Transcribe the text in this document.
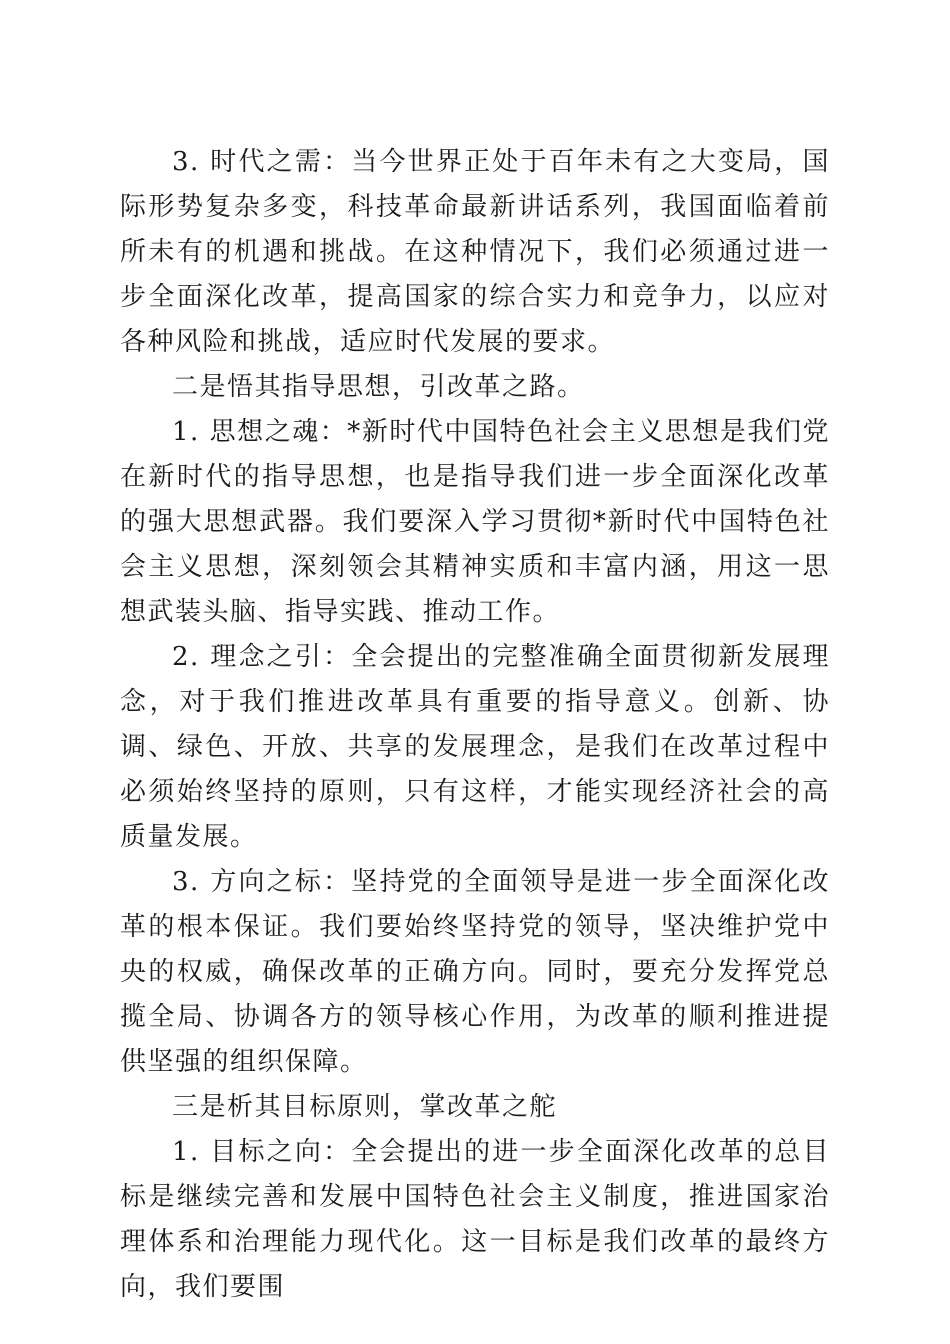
3. 时代之需：当今世界正处于百年未有之大变局，国际形势复杂多变，科技革命最新讲话系列，我国面临着前所未有的机遇和挑战。在这种情况下，我们必须通过进一步全面深化改革，提高国家的综合实力和竞争力，以应对各种风险和挑战，适应时代发展的要求。

二是悟其指导思想，引改革之路。

1. 思想之魂：*新时代中国特色社会主义思想是我们党在新时代的指导思想，也是指导我们进一步全面深化改革的强大思想武器。我们要深入学习贯彻*新时代中国特色社会主义思想，深刻领会其精神实质和丰富内涵，用这一思想武装头脑、指导实践、推动工作。

2. 理念之引：全会提出的完整准确全面贯彻新发展理念，对于我们推进改革具有重要的指导意义。创新、协调、绿色、开放、共享的发展理念，是我们在改革过程中必须始终坚持的原则，只有这样，才能实现经济社会的高质量发展。

3. 方向之标：坚持党的全面领导是进一步全面深化改革的根本保证。我们要始终坚持党的领导，坚决维护党中央的权威，确保改革的正确方向。同时，要充分发挥党总揽全局、协调各方的领导核心作用，为改革的顺利推进提供坚强的组织保障。

三是析其目标原则，掌改革之舵

1. 目标之向：全会提出的进一步全面深化改革的总目标是继续完善和发展中国特色社会主义制度，推进国家治理体系和治理能力现代化。这一目标是我们改革的最终方向，我们要围
